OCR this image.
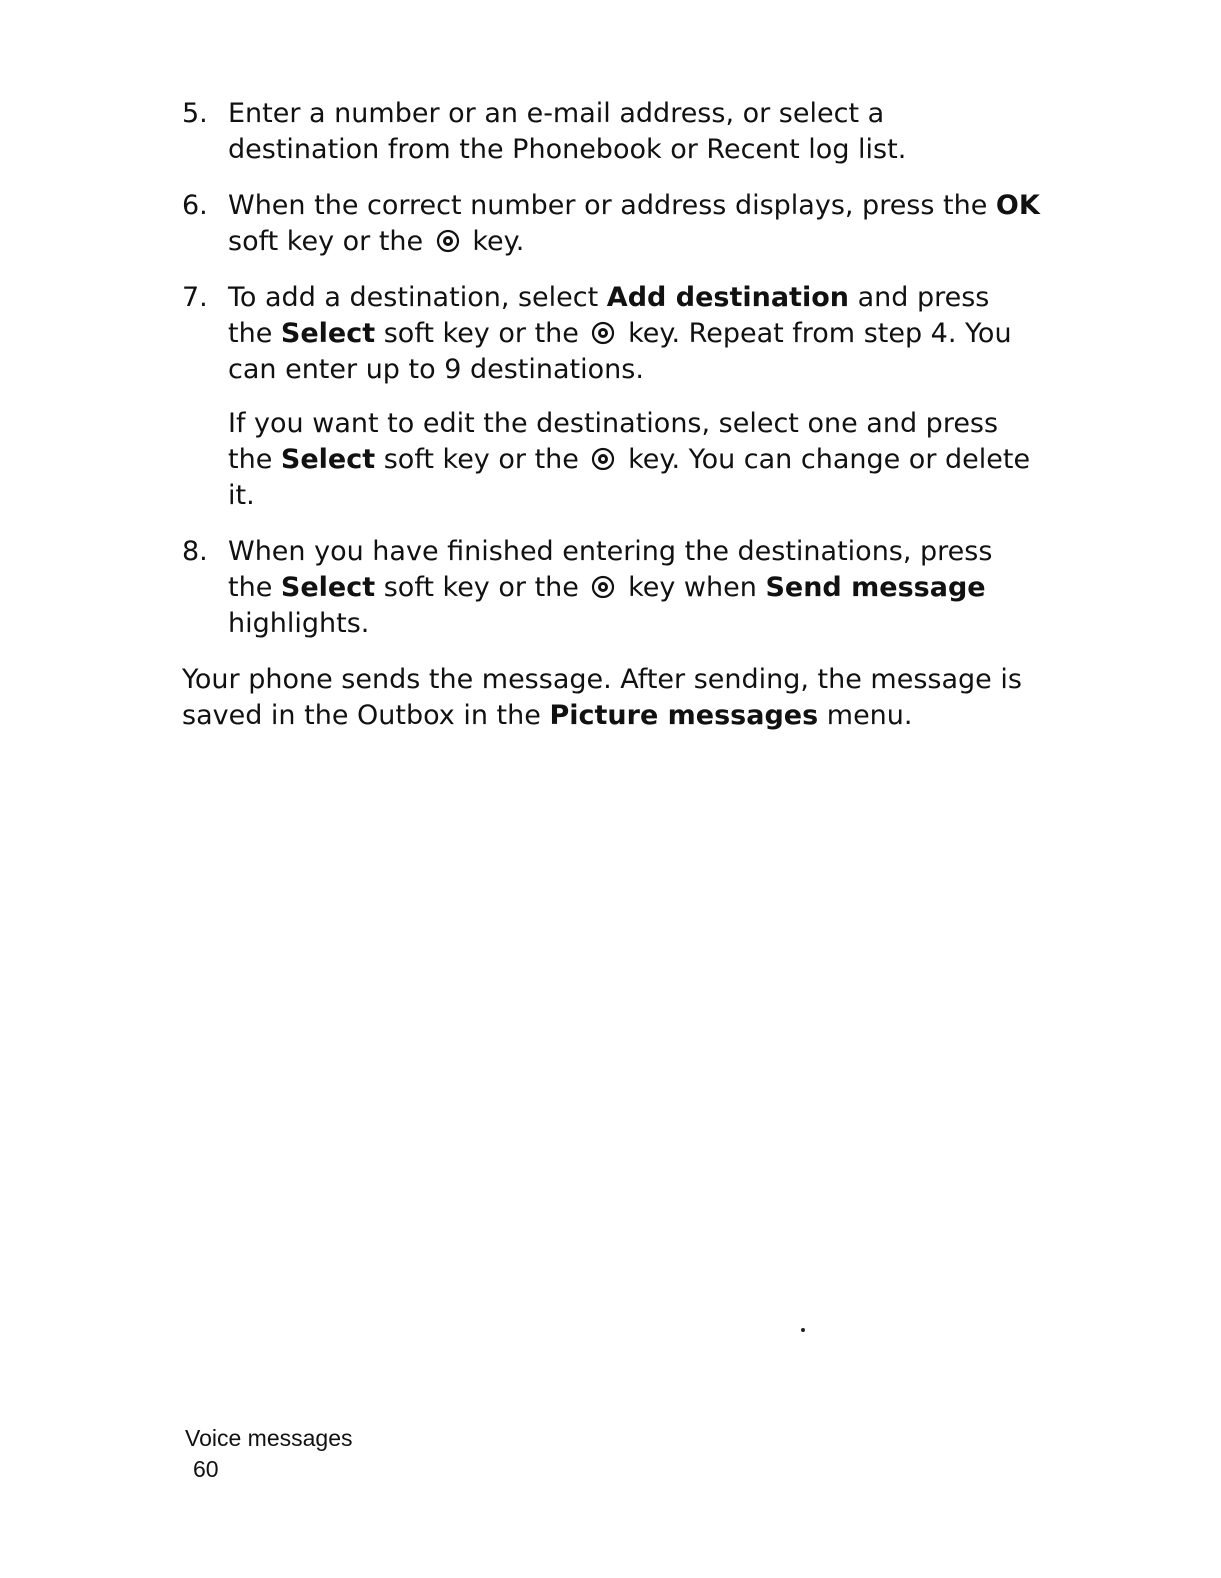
5. Enter a number or an e-mail address, or select a destination from the Phonebook or Recent log list.

6. When the correct number or address displays, press the OK soft key or the key.

7. To add a destination, select Add destination and press the Select soft key or the key. Repeat from step 4. You can enter up to 9 destinations.

If you want to edit the destinations, select one and press the Select soft key or the key. You can change or delete it.

8. When you have finished entering the destinations, press the Select soft key or the key when Send message highlights.

Your phone sends the message. After sending, the message is saved in the Outbox in the Picture messages menu.

Voice messages
60
